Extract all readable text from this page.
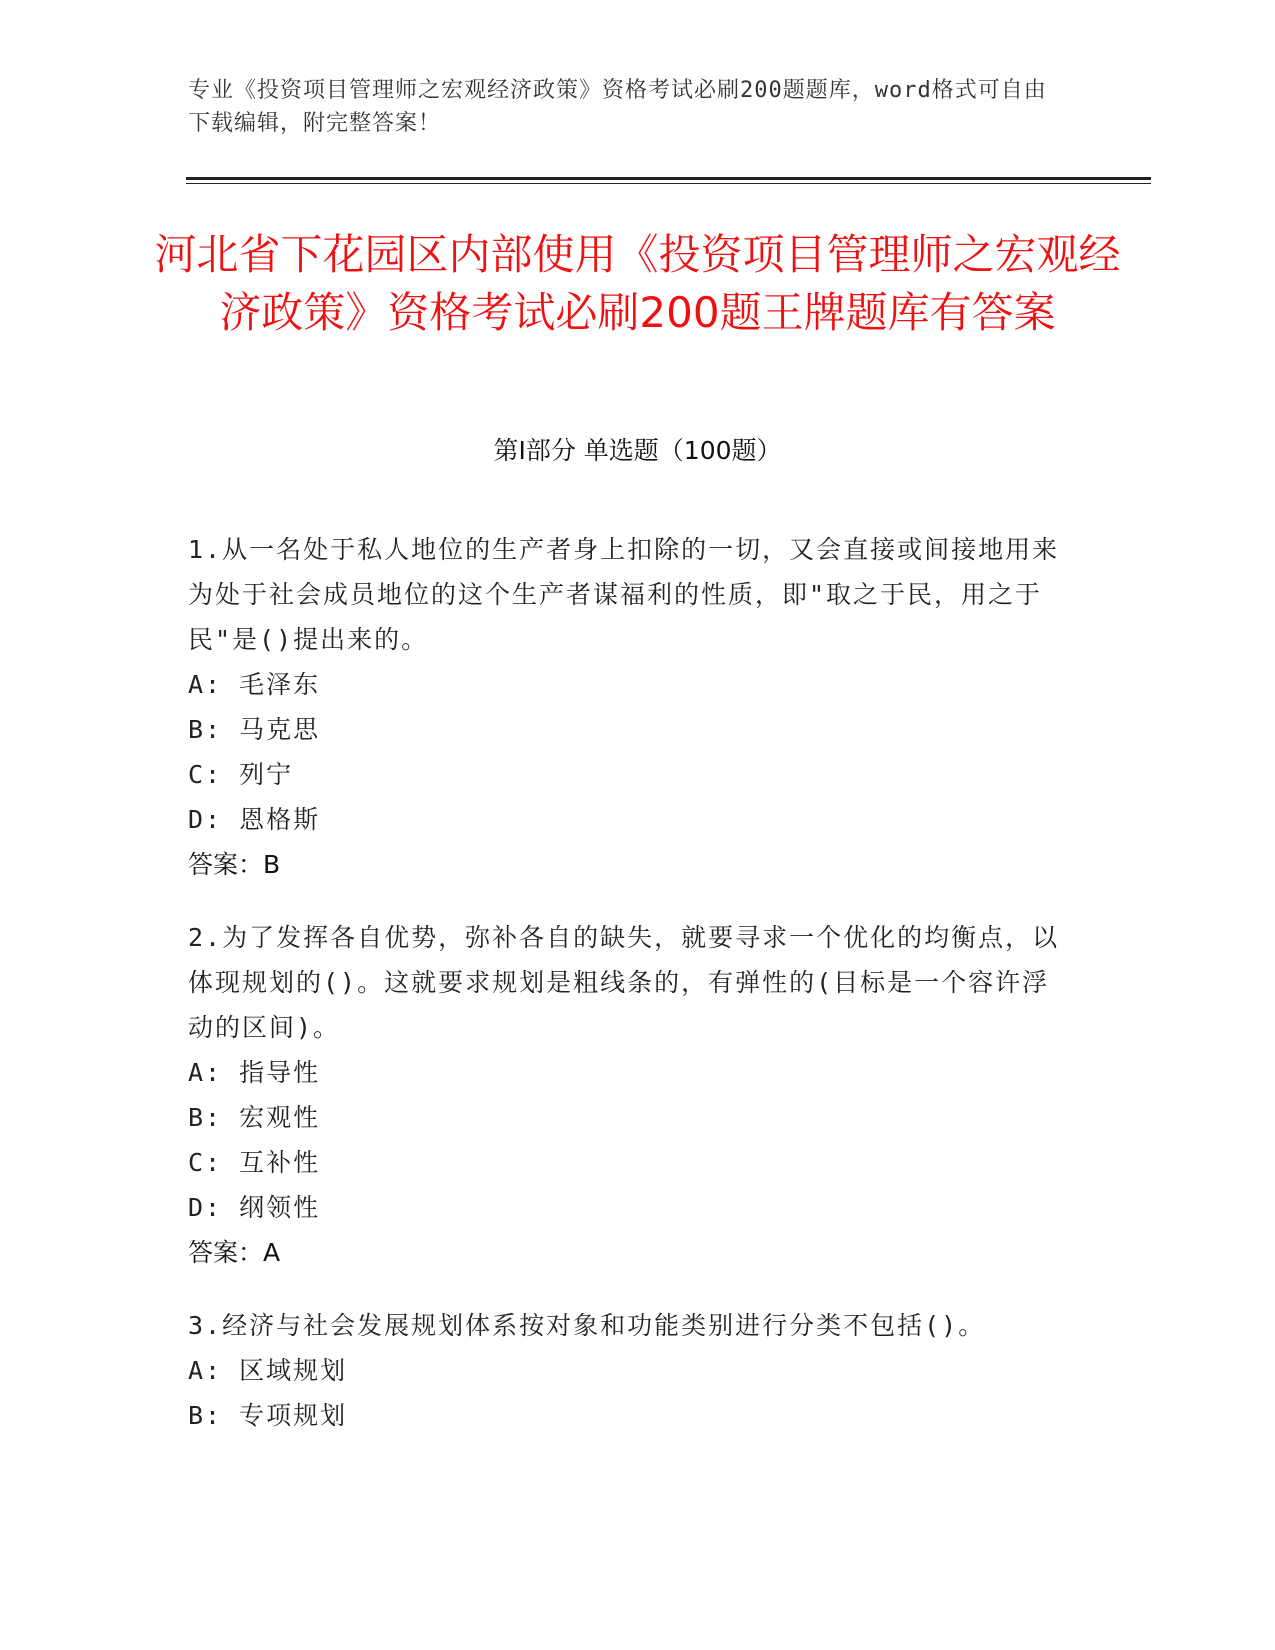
专业《投资项目管理师之宏观经济政策》资格考试必刷200题题库，word格式可自由下载编辑，附完整答案！
河北省下花园区内部使用《投资项目管理师之宏观经济政策》资格考试必刷200题王牌题库有答案
第Ⅰ部分 单选题（100题）

1.从一名处于私人地位的生产者身上扣除的一切，又会直接或间接地用来为处于社会成员地位的这个生产者谋福利的性质，即"取之于民，用之于民"是()提出来的。

A: 毛泽东
B: 马克思
C: 列宁
D: 恩格斯
答案：B

2.为了发挥各自优势，弥补各自的缺失，就要寻求一个优化的均衡点，以体现规划的()。这就要求规划是粗线条的，有弹性的(目标是一个容许浮动的区间)。

A: 指导性
B: 宏观性
C: 互补性
D: 纲领性
答案：A

3.经济与社会发展规划体系按对象和功能类别进行分类不包括()。

A: 区域规划
B: 专项规划
